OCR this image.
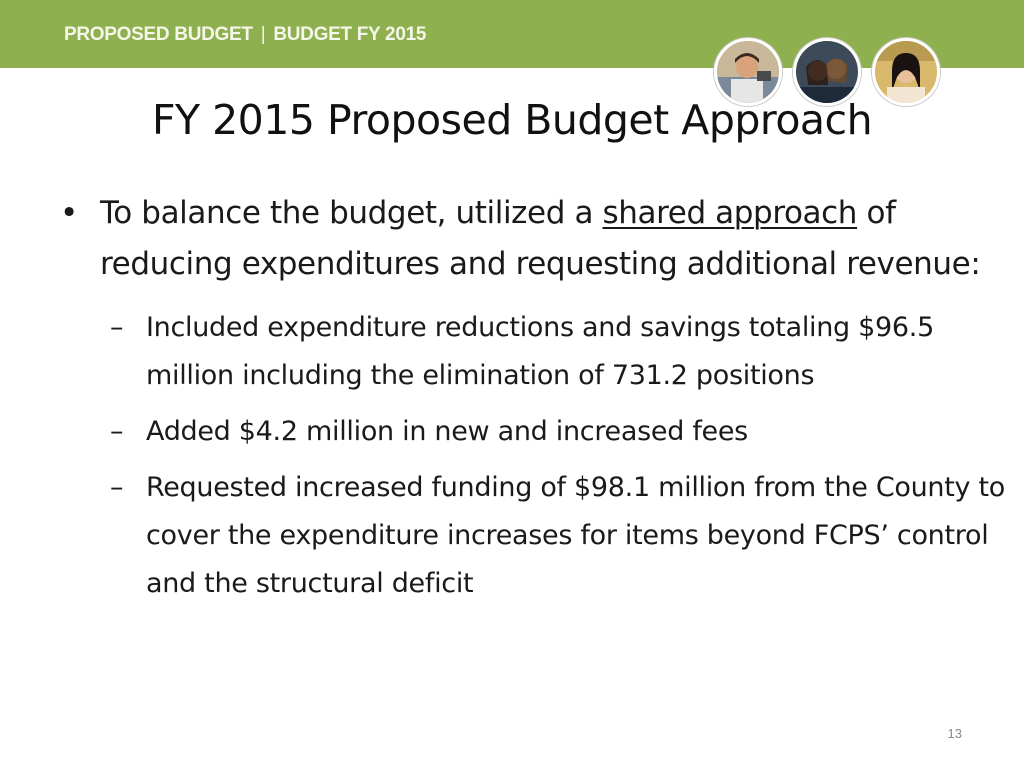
PROPOSED BUDGET | BUDGET FY 2015
FY 2015 Proposed Budget Approach
• To balance the budget, utilized a shared approach of reducing expenditures and requesting additional revenue:
– Included expenditure reductions and savings totaling $96.5 million including the elimination of 731.2 positions
– Added $4.2 million in new and increased fees
– Requested increased funding of $98.1 million from the County to cover the expenditure increases for items beyond FCPS’ control and the structural deficit
13
